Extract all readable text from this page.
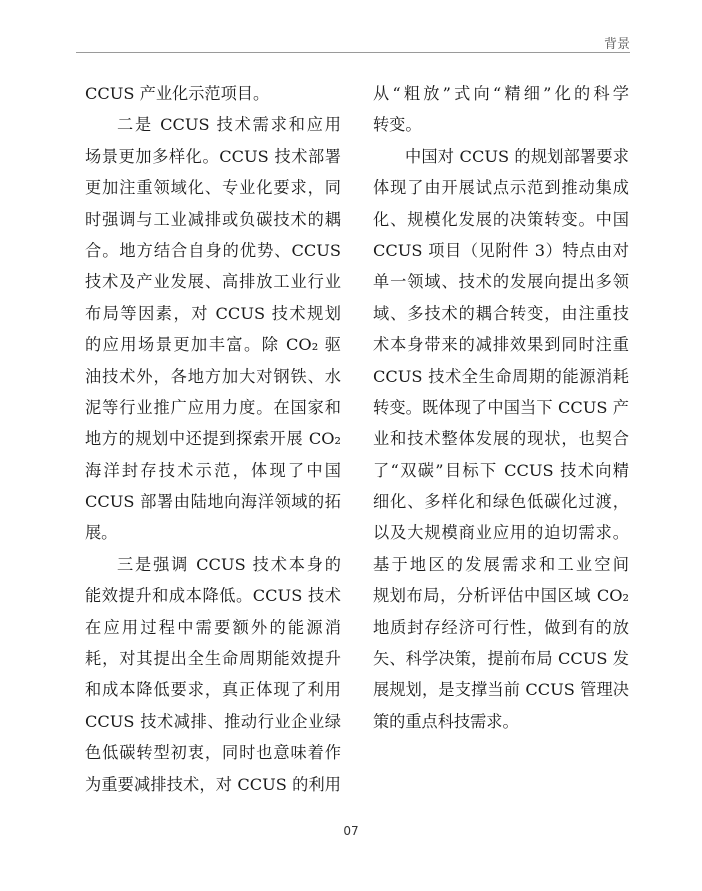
背景
CCUS 产业化示范项目。
二是 CCUS 技术需求和应用
场景更加多样化。CCUS 技术部署
更加注重领域化、专业化要求，同
时强调与工业减排或负碳技术的耦
合。地方结合自身的优势、CCUS
技术及产业发展、高排放工业行业
布局等因素，对 CCUS 技术规划
的应用场景更加丰富。除 CO₂ 驱
油技术外，各地方加大对钢铁、水
泥等行业推广应用力度。在国家和
地方的规划中还提到探索开展 CO₂
海洋封存技术示范，体现了中国
CCUS 部署由陆地向海洋领域的拓
展。
三是强调 CCUS 技术本身的
能效提升和成本降低。CCUS 技术
在应用过程中需要额外的能源消
耗，对其提出全生命周期能效提升
和成本降低要求，真正体现了利用
CCUS 技术减排、推动行业企业绿
色低碳转型初衷，同时也意味着作
为重要减排技术，对 CCUS 的利用
从“粗放”式向“精细”化的科学
转变。
中国对 CCUS 的规划部署要求
体现了由开展试点示范到推动集成
化、规模化发展的决策转变。中国
CCUS 项目（见附件 3）特点由对
单一领域、技术的发展向提出多领
域、多技术的耦合转变，由注重技
术本身带来的减排效果到同时注重
CCUS 技术全生命周期的能源消耗
转变。既体现了中国当下 CCUS 产
业和技术整体发展的现状，也契合
了“双碳”目标下 CCUS 技术向精
细化、多样化和绿色低碳化过渡，
以及大规模商业应用的迫切需求。
基于地区的发展需求和工业空间
规划布局，分析评估中国区域 CO₂
地质封存经济可行性，做到有的放
矢、科学决策，提前布局 CCUS 发
展规划，是支撑当前 CCUS 管理决
策的重点科技需求。
07
